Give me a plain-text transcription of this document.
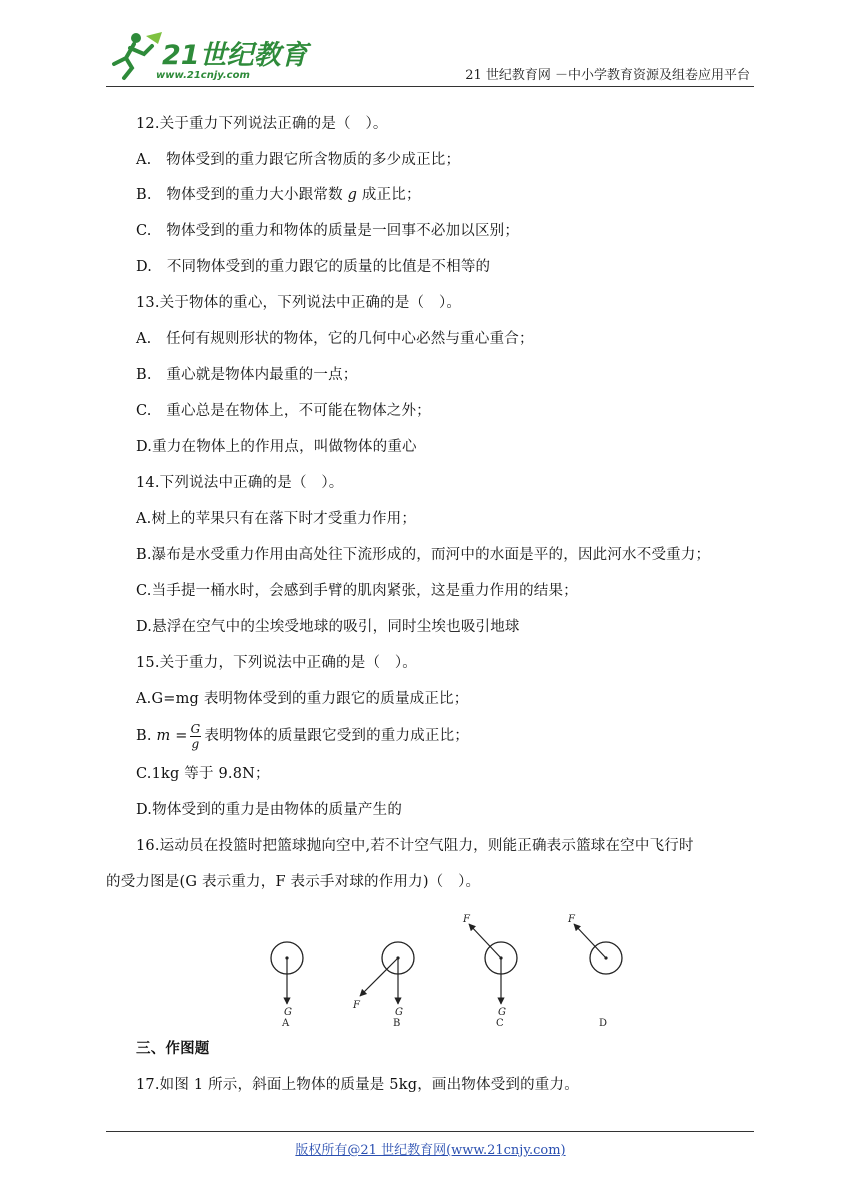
21世纪教育
www.21cnjy.com	21 世纪教育网 －中小学教育资源及组卷应用平台
12.关于重力下列说法正确的是（　）。
A.　物体受到的重力跟它所含物质的多少成正比；
B.　物体受到的重力大小跟常数 g 成正比；
C.　物体受到的重力和物体的质量是一回事不必加以区别；
D.　不同物体受到的重力跟它的质量的比值是不相等的
13.关于物体的重心，下列说法中正确的是（　）。
A.　任何有规则形状的物体，它的几何中心必然与重心重合；
B.　重心就是物体内最重的一点；
C.　重心总是在物体上，不可能在物体之外；
D.重力在物体上的作用点，叫做物体的重心
14.下列说法中正确的是（　）。
A.树上的苹果只有在落下时才受重力作用；
B.瀑布是水受重力作用由高处往下流形成的，而河中的水面是平的，因此河水不受重力；
C.当手提一桶水时，会感到手臂的肌肉紧张，这是重力作用的结果；
D.悬浮在空气中的尘埃受地球的吸引，同时尘埃也吸引地球
15.关于重力，下列说法中正确的是（　）。
A.G=mg 表明物体受到的重力跟它的质量成正比；
B. $m = \frac{G}{g}$ 表明物体的质量跟它受到的重力成正比；
C.1kg 等于 9.8N；
D.物体受到的重力是由物体的质量产生的
16.运动员在投篮时把篮球抛向空中,若不计空气阻力，则能正确表示篮球在空中飞行时
的受力图是(G 表示重力，F 表示手对球的作用力)（　）。
三、作图题
17.如图 1 所示，斜面上物体的质量是 5kg，画出物体受到的重力。
G
A
F
G
B
F
G
C
F
D
版权所有@21 世纪教育网(www.21cnjy.com)
